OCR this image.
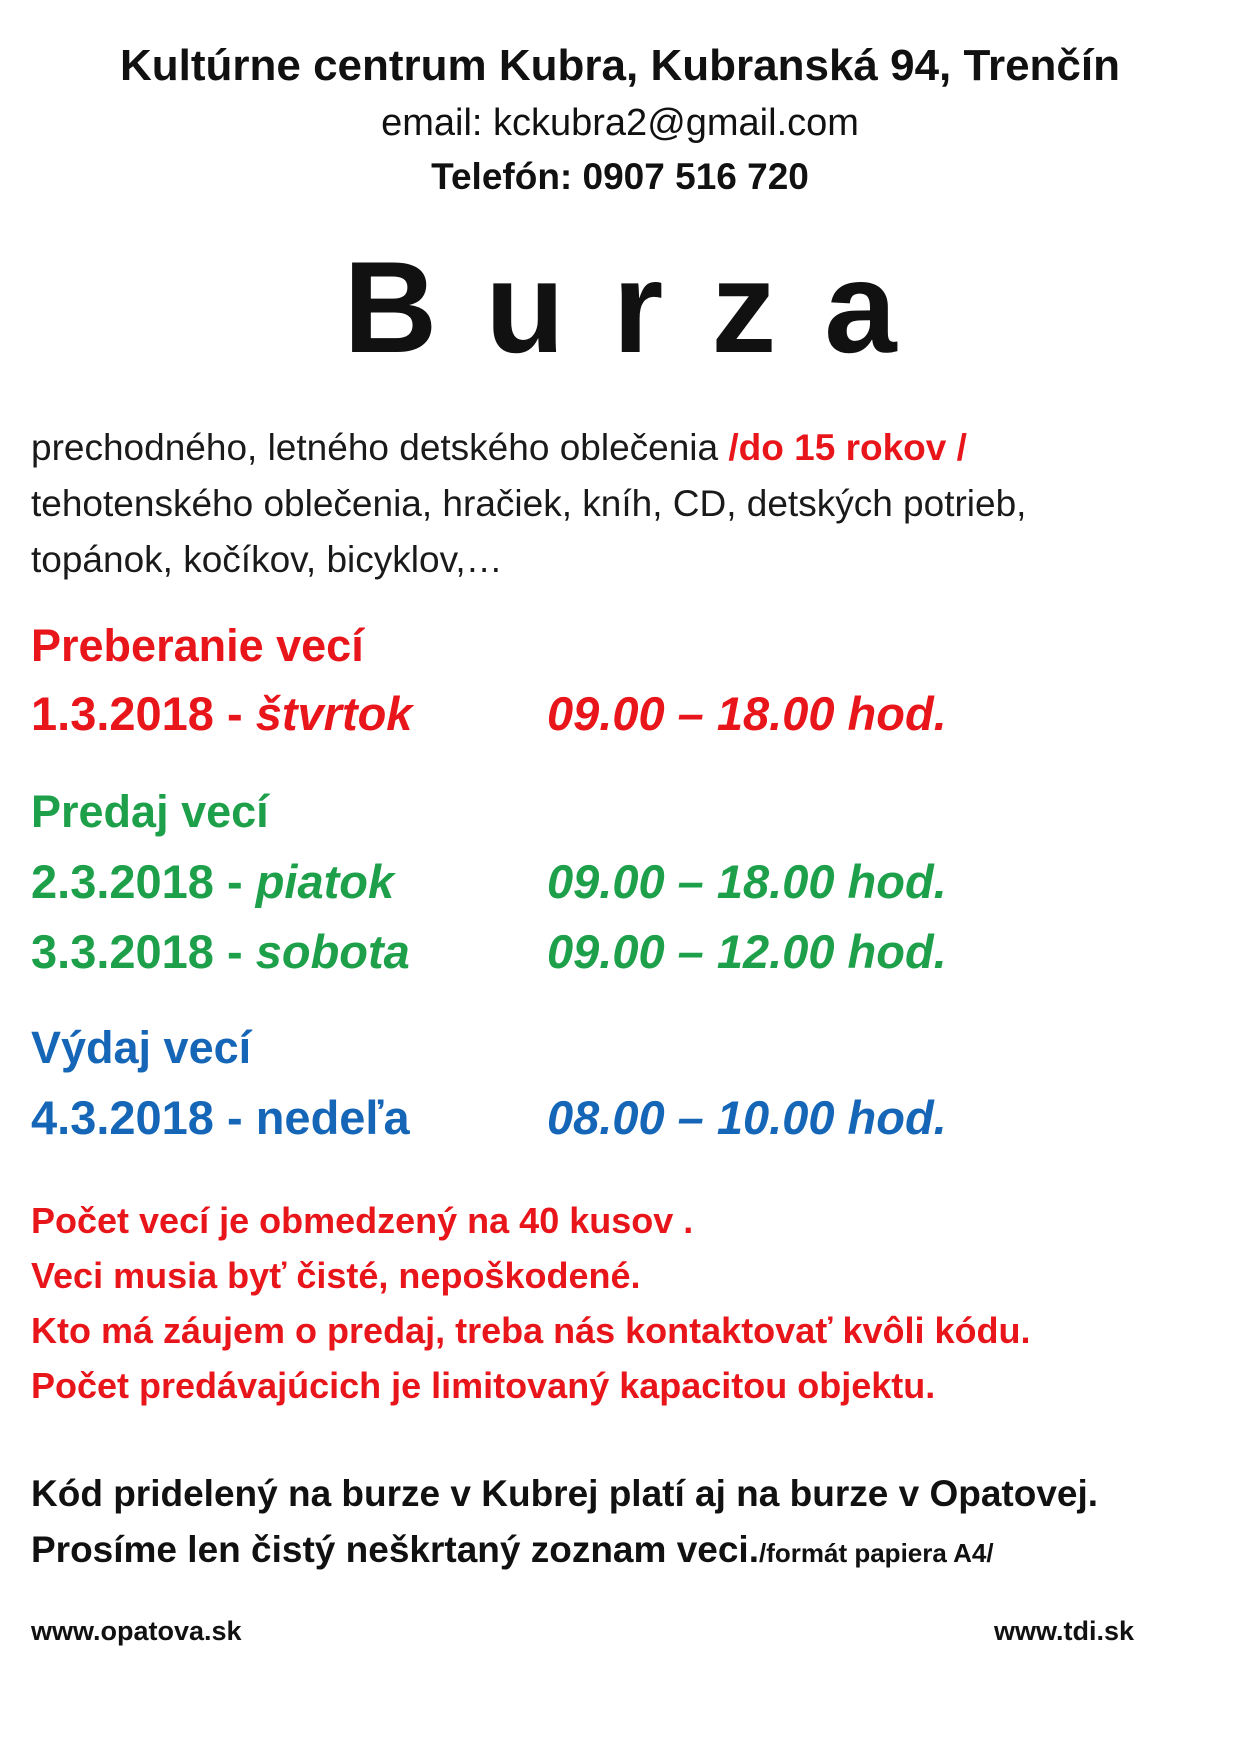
Kultúrne centrum Kubra, Kubranská 94, Trenčín
email: kckubra2@gmail.com
Telefón: 0907 516 720
Burza
prechodného, letného detského oblečenia /do 15 rokov /
tehotenského oblečenia, hračiek, kníh, CD, detských potrieb,
topánok, kočíkov, bicyklov,…
Preberanie vecí
1.3.2018 - štvrtok	09.00 – 18.00 hod.
Predaj vecí
2.3.2018 - piatok	09.00 – 18.00 hod.
3.3.2018 - sobota	09.00 – 12.00 hod.
Výdaj vecí
4.3.2018 - nedeľa	08.00 – 10.00 hod.
Počet vecí je obmedzený na 40 kusov .
Veci musia byť čisté, nepoškodené.
Kto má záujem o predaj, treba nás kontaktovať kvôli kódu.
Počet predávajúcich je limitovaný kapacitou objektu.
Kód pridelený na burze v Kubrej platí aj na burze v Opatovej.
Prosíme len čistý neškrtaný zoznam veci./formát papiera A4/
www.opatova.sk	www.tdi.sk
